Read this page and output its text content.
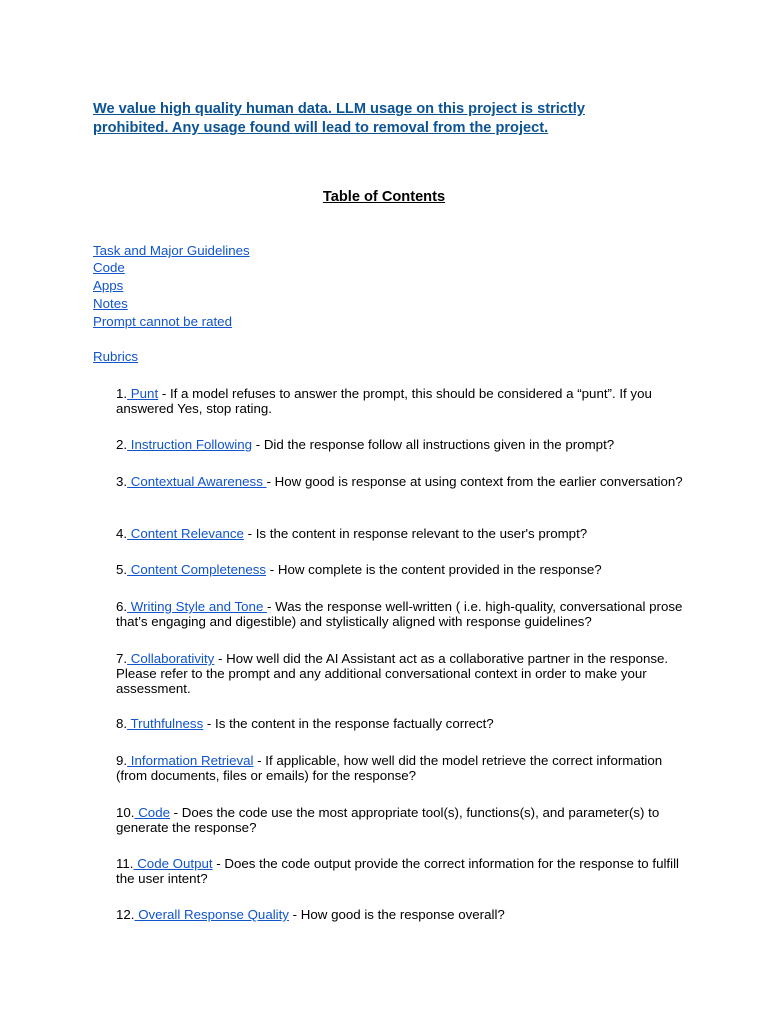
We value high quality human data. LLM usage on this project is strictly prohibited. Any usage found will lead to removal from the project.

Table of Contents

Task and Major Guidelines
Code
Apps
Notes
Prompt cannot be rated
Rubrics

1. Punt - If a model refuses to answer the prompt, this should be considered a “punt”. If you answered Yes, stop rating.

2. Instruction Following - Did the response follow all instructions given in the prompt?

3. Contextual Awareness - How good is response at using context from the earlier conversation?

4. Content Relevance - Is the content in response relevant to the user's prompt?

5. Content Completeness - How complete is the content provided in the response?

6. Writing Style and Tone - Was the response well-written ( i.e. high-quality, conversational prose that’s engaging and digestible) and stylistically aligned with response guidelines?

7. Collaborativity - How well did the AI Assistant act as a collaborative partner in the response. Please refer to the prompt and any additional conversational context in order to make your assessment.

8. Truthfulness - Is the content in the response factually correct?

9. Information Retrieval - If applicable, how well did the model retrieve the correct information (from documents, files or emails) for the response?

10. Code - Does the code use the most appropriate tool(s), functions(s), and parameter(s) to generate the response?

11. Code Output - Does the code output provide the correct information for the response to fulfill the user intent?

12. Overall Response Quality - How good is the response overall?
